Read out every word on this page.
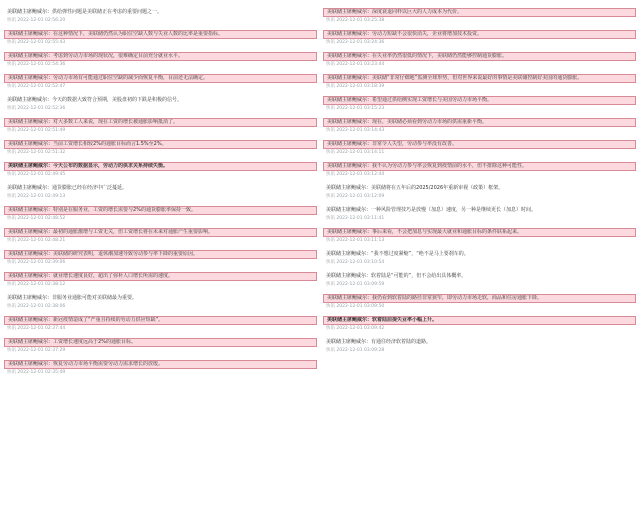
美联储主席鲍威尔：供给弹性问题是美联储正在考虑的重要问题之一。
快讯 2022-12-01 02:56:20
美联储主席鲍威尔：在这种情况下，美联储仍然认为职位空缺人数与失业人数的比率是重要指标。
快讯 2022-12-01 02:55:43
美联储主席鲍威尔：考虑到劳动力市场的现状况，很难确定目前充分就业水平。
快讯 2022-12-01 02:54:36
美联储主席鲍威尔：劳动力市场有可能通过职位空缺的减少而恢复平衡，目前还无法确定。
快讯 2022-12-01 02:52:47
美联储主席鲍威尔：今天的数据大致符合预期，美股盘初的下跌是积极的信号。
快讯 2022-12-01 02:52:36
美联储主席鲍威尔：对大多数工人来说，现在工资的增长被通胀影响抵消了。
快讯 2022-12-01 02:51:49
美联储主席鲍威尔：当前工资增长相较2%的通胀目标而言1.5%至2%。
快讯 2022-12-01 02:51:32
美联储主席鲍威尔：今天公布的数据显示，劳动力的供求关系持续失衡。
快讯 2022-12-01 02:49:45
美联储主席鲍威尔：通货膨胀已经在经济中广泛蔓延。
快讯 2022-12-01 02:49:13
美联储主席鲍威尔：特别是在服务业，工资的增长需要与2%的通货膨胀率保持一致。
快讯 2022-12-01 02:48:52
美联储主席鲍威尔：最初的通胀激增与工资无关，但工资增长将在未来对通胀产生重要影响。
快讯 2022-12-01 02:48:21
美联储主席鲍威尔：美联储的研究表明，退休潮加速导致劳动参与率下降的重要原因。
快讯 2022-12-01 02:39:06
美联储主席鲍威尔：就业增长速度良好，超出了弥补人口增长所需的速度。
快讯 2022-12-01 02:38:12
美联储主席鲍威尔：非服务业通胀可能对美联储最为重要。
快讯 2022-12-01 02:38:06
美联储主席鲍威尔：新冠疫情造成了“严重且持续的劳动力供应短缺”。
快讯 2022-12-01 02:37:44
美联储主席鲍威尔：工资增长速度远高于2%的通胀目标。
快讯 2022-12-01 02:37:29
美联储主席鲍威尔：恢复劳动力市场平衡需要劳动力需求增长的放缓。
快讯 2022-12-01 02:35:49
美联储主席鲍威尔：深度衰退同样以巨大的人力成本为代价。
快讯 2022-12-01 03:25:38
美联储主席鲍威尔：劳动力短缺不会很快消失，企业将增加技术投资。
快讯 2022-12-01 03:24:36
美联储主席鲍威尔：在失业率仍然很低的情况下，美联储仍然能够控制通货膨胀。
快讯 2022-12-01 03:23:44
美联储主席鲍威尔：美联储“非常仔细地”监测全球形势，但对世界来说最好的事情是美联储控制好美国的通货膨胀。
快讯 2022-12-01 03:18:39
美联储主席鲍威尔：希望通过供给侧实现工资增长与美国劳动力市场平衡。
快讯 2022-12-01 03:15:23
美联储主席鲍威尔：现在，美联储必须看到劳动力市场的供需重新平衡。
快讯 2022-12-01 03:14:43
美联储主席鲍威尔：非常令人失望，劳动参与率没有改善。
快讯 2022-12-01 03:14:11
美联储主席鲍威尔：我不认为劳动力参与率会恢复到疫情前的水平，但不排除这种可能性。
快讯 2022-12-01 03:12:44
美联储主席鲍威尔：美联储将在五年后的2025/2026年重新审视（政策）框架。
快讯 2022-12-01 03:12:09
美联储主席鲍威尔：一种风险管理技巧是放慢（加息）速度，另一种是继续更长（加息）时间。
快讯 2022-12-01 03:11:41
美联储主席鲍威尔：事后来看，不会把加息与实现最大就业和通胀目标的条件联系起来。
快讯 2022-12-01 03:11:13
美联储主席鲍威尔：“我不想过度紧缩”，“绝不是马上要刹车的。
快讯 2022-12-01 03:10:54
美联储主席鲍威尔：软着陆是“可能的”，但不会给出具体概率。
快讯 2022-12-01 03:09:59
美联储主席鲍威尔：我仍看到软着陆的路径非常狭窄，即劳动力市场走软，商品和住房通胀下降。
快讯 2022-12-01 03:09:50
美联储主席鲍威尔：软着陆前提失业率小幅上升。
快讯 2022-12-01 03:09:42
美联储主席鲍威尔：有通往经济软着陆的道路。
快讯 2022-12-01 03:09:28
